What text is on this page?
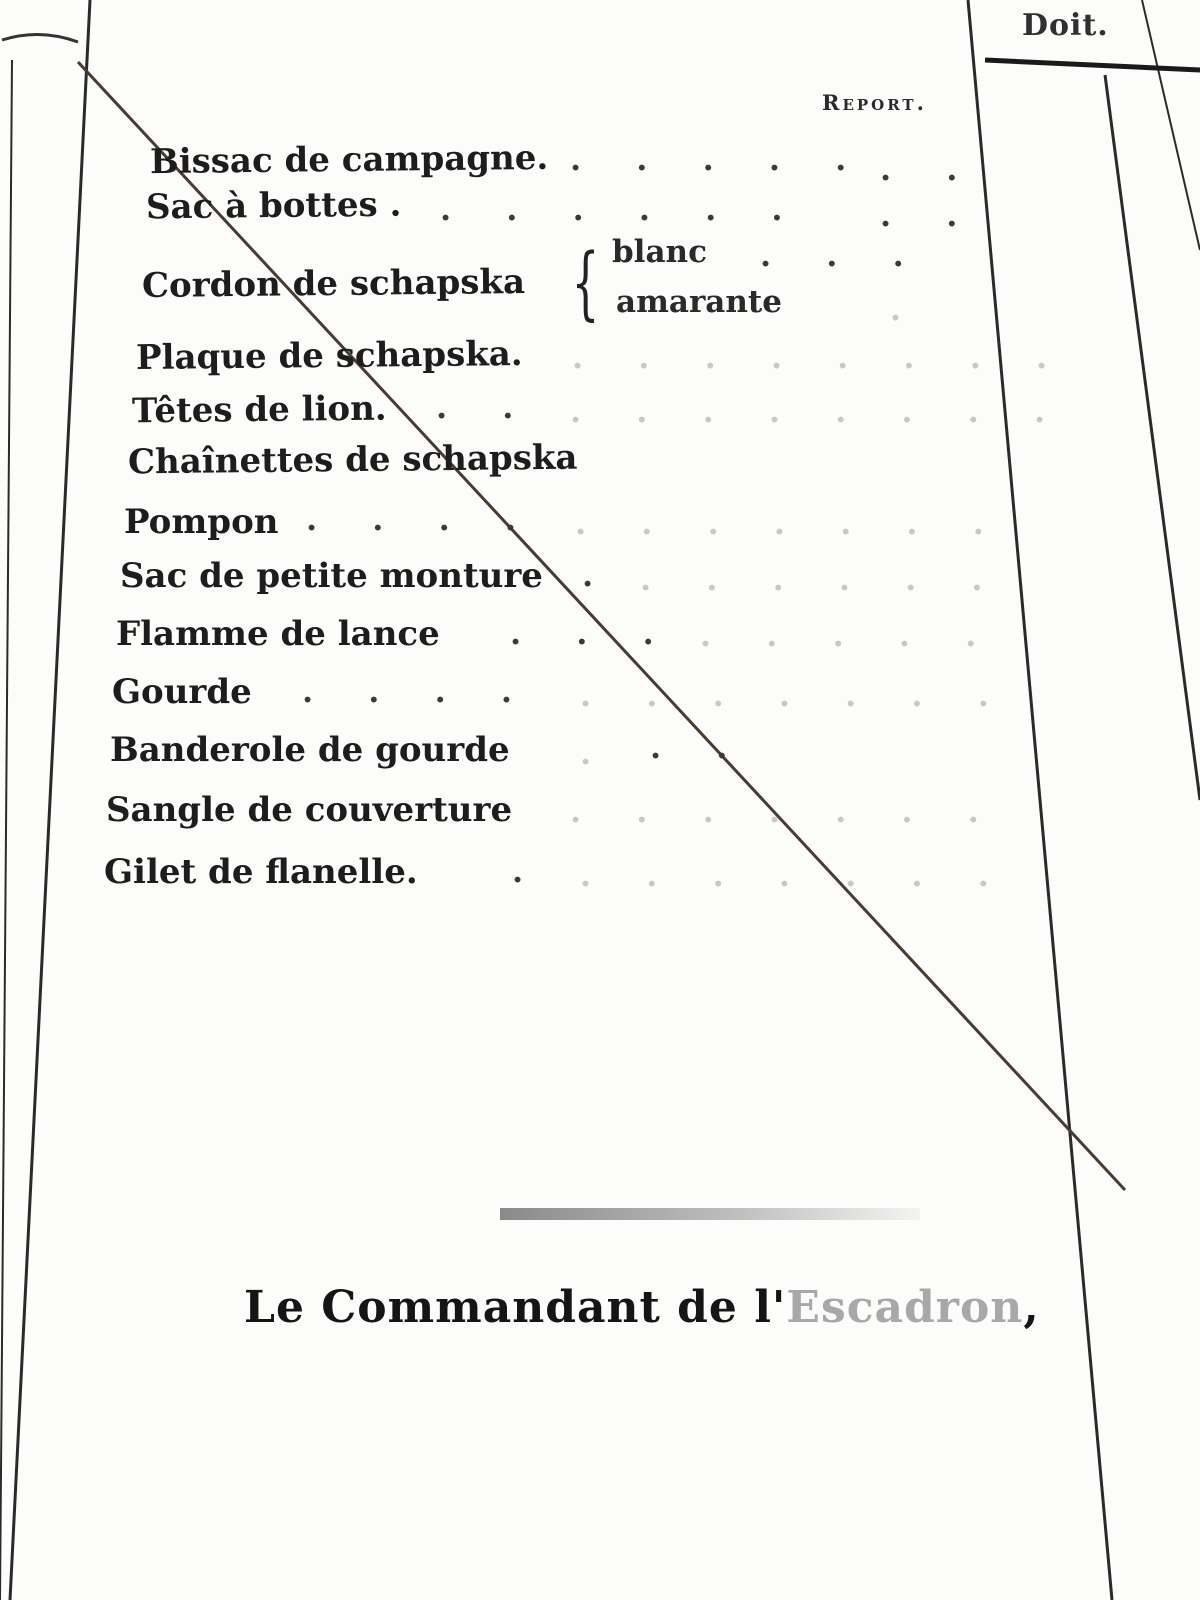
Doit.
Report.
Bissac de campagne. . . . . . . .
Sac à bottes . . . . . . . . .
Cordon de schapska { blanc . . .
amarante	.
Plaque de schapska. . . . . . . . .
Têtes de lion. . . . . . . . . . .
Chaînettes de schapska
Pompon . . . . . . . . . . .
Sac de petite monture . . . . . . .
Flamme de lance . . . . . . . .
Gourde . . . . . . . . . . .
Banderole de gourde	. .
.
Sangle de couverture . . . . . . .
Gilet de flanelle.	. . . . . . . .
Le Commandant de l'Escadron,
